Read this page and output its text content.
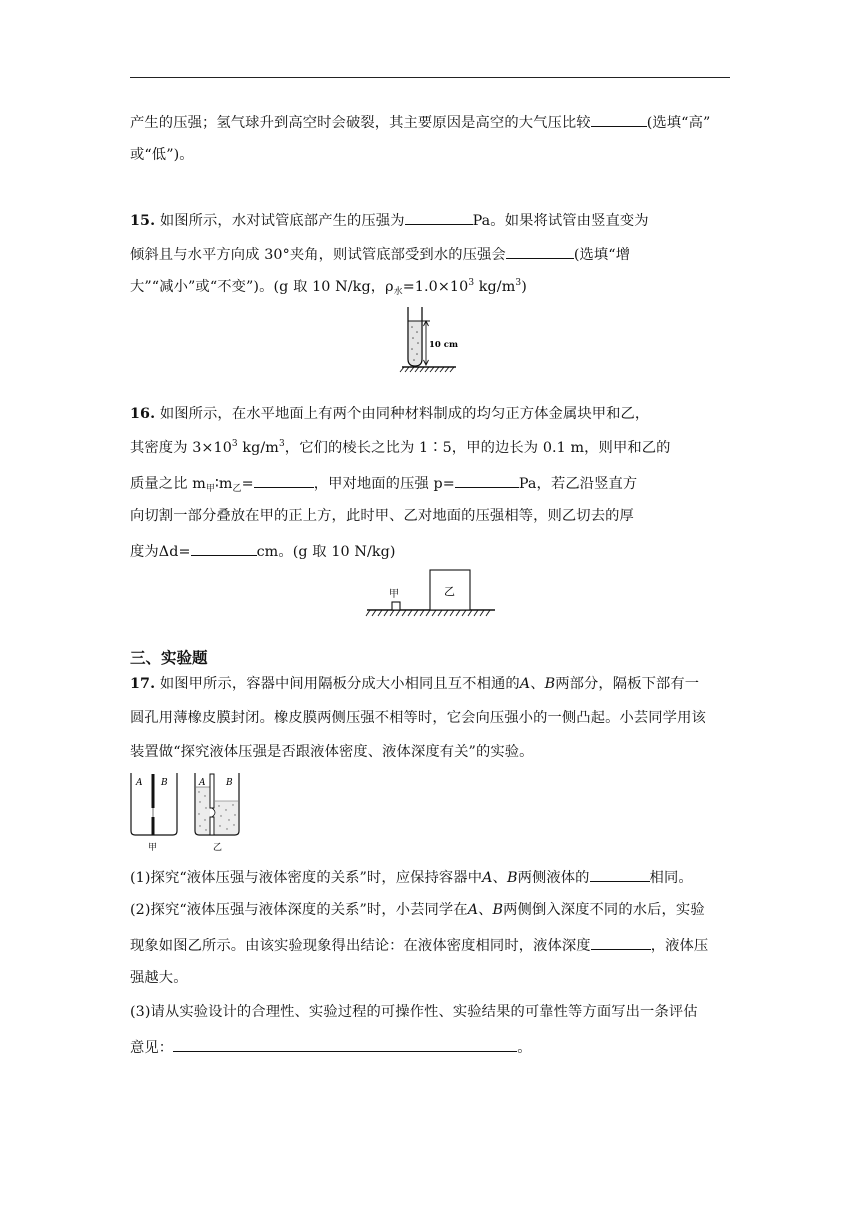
产生的压强；氢气球升到高空时会破裂，其主要原因是高空的大气压比较	(选填“高”
或“低”)。
15. 如图所示，水对试管底部产生的压强为	Pa。如果将试管由竖直变为
倾斜且与水平方向成 30°夹角，则试管底部受到水的压强会	(选填“增
大”“减小”或“不变”)。(g 取 10 N/kg，$\rho_水=1.0\times 10^3$ $kg/m^3$)
10 cm
16. 如图所示，在水平地面上有两个由同种材料制成的均匀正方体金属块甲和乙，
其密度为 $3\times 10^3$ $kg/m^3$，它们的棱长之比为 1∶5，甲的边长为 0.1 m，则甲和乙的
质量之比 $m_甲∶m_乙=$	，甲对地面的压强 p=	Pa，若乙沿竖直方
向切割一部分叠放在甲的正上方，此时甲、乙对地面的压强相等，则乙切去的厚
度为Δd=	cm。(g 取 10 N/kg)
甲	乙
三、实验题
17. 如图甲所示，容器中间用隔板分成大小相同且互不相通的A、B两部分，隔板下部有一
圆孔用薄橡皮膜封闭。橡皮膜两侧压强不相等时，它会向压强小的一侧凸起。小芸同学用该
装置做“探究液体压强是否跟液体密度、液体深度有关”的实验。
A B
甲
A B
乙
(1)探究“液体压强与液体密度的关系”时，应保持容器中A、B两侧液体的	相同。
(2)探究“液体压强与液体深度的关系”时，小芸同学在A、B两侧倒入深度不同的水后，实验
现象如图乙所示。由该实验现象得出结论：在液体密度相同时，液体深度	，液体压
强越大。
(3)请从实验设计的合理性、实验过程的可操作性、实验结果的可靠性等方面写出一条评估
意见：	。
